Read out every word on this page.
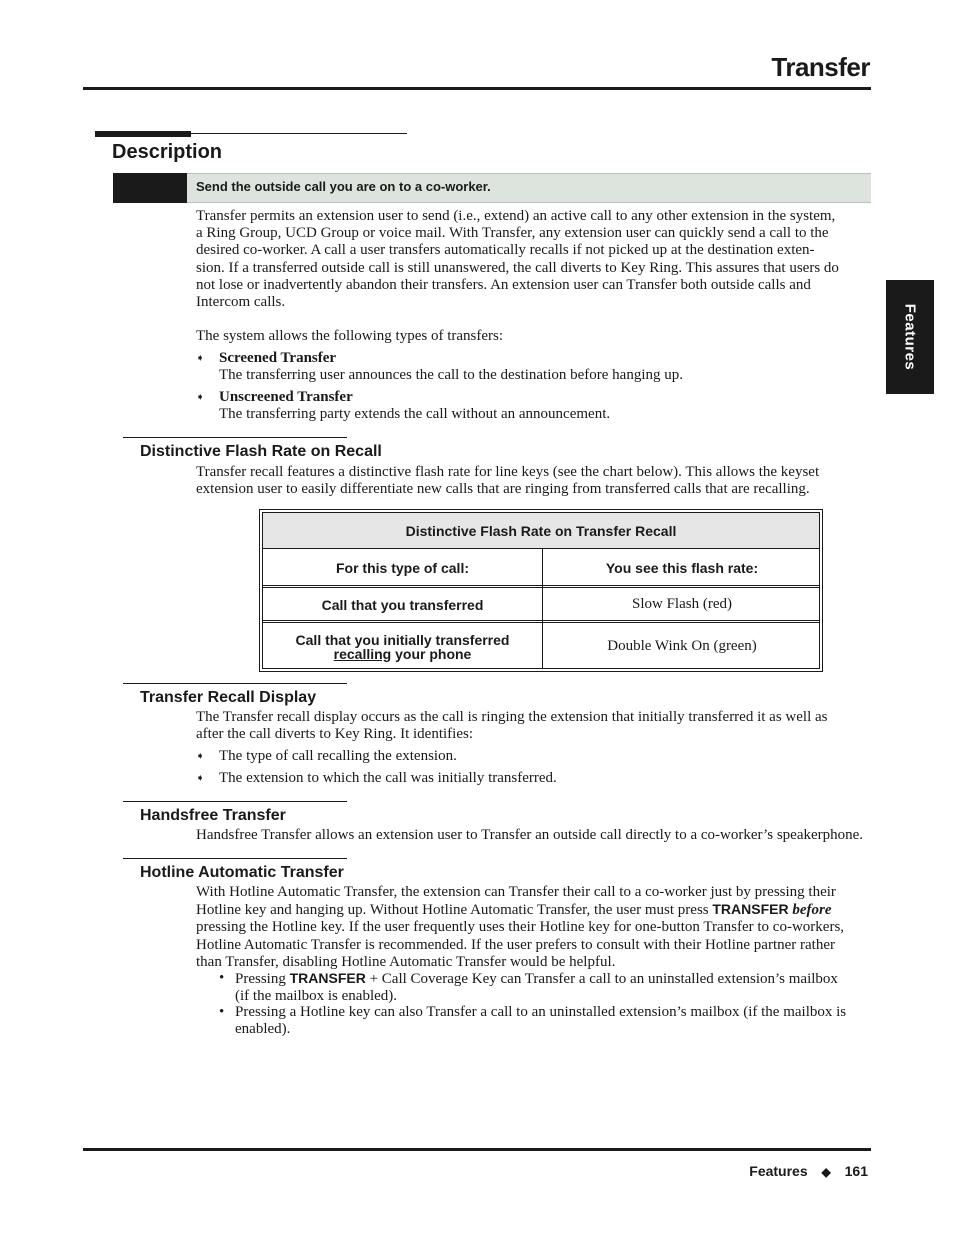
Transfer
Features
Description
Send the outside call you are on to a co-worker.
Transfer permits an extension user to send (i.e., extend) an active call to any other extension in the system,
a Ring Group, UCD Group or voice mail. With Transfer, any extension user can quickly send a call to the
desired co-worker. A call a user transfers automatically recalls if not picked up at the destination exten-
sion. If a transferred outside call is still unanswered, the call diverts to Key Ring. This assures that users do
not lose or inadvertently abandon their transfers. An extension user can Transfer both outside calls and
Intercom calls.
The system allows the following types of transfers:
➧ Screened Transfer
The transferring user announces the call to the destination before hanging up.
➧ Unscreened Transfer
The transferring party extends the call without an announcement.
Distinctive Flash Rate on Recall
Transfer recall features a distinctive flash rate for line keys (see the chart below). This allows the keyset
extension user to easily differentiate new calls that are ringing from transferred calls that are recalling.
Distinctive Flash Rate on Transfer Recall
For this type of call:	You see this flash rate:
Call that you transferred	Slow Flash (red)
Call that you initially transferred
recalling your phone	Double Wink On (green)
Transfer Recall Display
The Transfer recall display occurs as the call is ringing the extension that initially transferred it as well as
after the call diverts to Key Ring. It identifies:
➧ The type of call recalling the extension.
➧ The extension to which the call was initially transferred.
Handsfree Transfer
Handsfree Transfer allows an extension user to Transfer an outside call directly to a co-worker’s speakerphone.
Hotline Automatic Transfer
With Hotline Automatic Transfer, the extension can Transfer their call to a co-worker just by pressing their
Hotline key and hanging up. Without Hotline Automatic Transfer, the user must press TRANSFER before
pressing the Hotline key. If the user frequently uses their Hotline key for one-button Transfer to co-workers,
Hotline Automatic Transfer is recommended. If the user prefers to consult with their Hotline partner rather
than Transfer, disabling Hotline Automatic Transfer would be helpful.
• Pressing TRANSFER + Call Coverage Key can Transfer a call to an uninstalled extension’s mailbox
(if the mailbox is enabled).
• Pressing a Hotline key can also Transfer a call to an uninstalled extension’s mailbox (if the mailbox is
enabled).
Features ◆ 161
